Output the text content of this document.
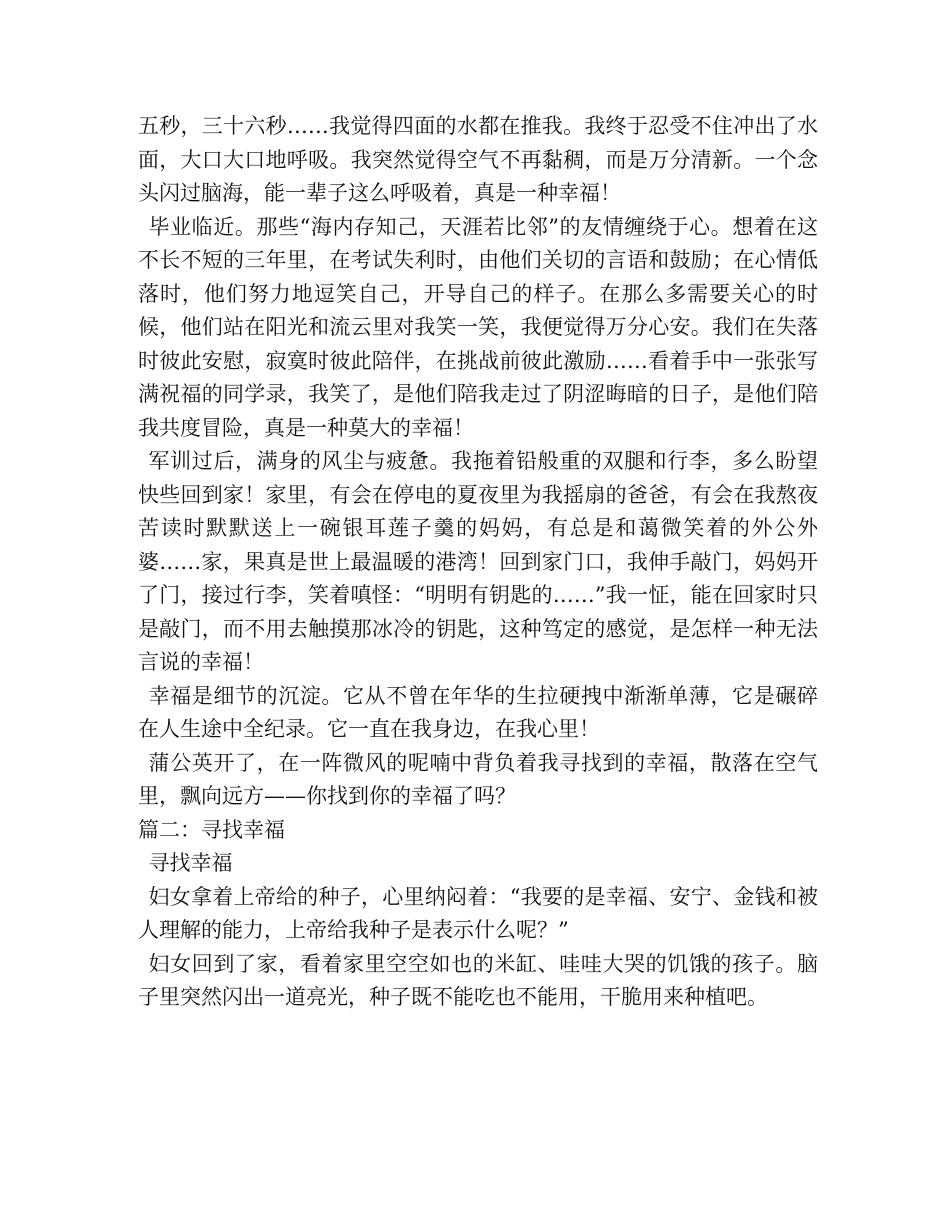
五秒，三十六秒……我觉得四面的水都在推我。我终于忍受不住冲出了水面，大口大口地呼吸。我突然觉得空气不再黏稠，而是万分清新。一个念头闪过脑海，能一辈子这么呼吸着，真是一种幸福！

毕业临近。那些“海内存知己，天涯若比邻”的友情缠绕于心。想着在这不长不短的三年里，在考试失利时，由他们关切的言语和鼓励；在心情低落时，他们努力地逗笑自己，开导自己的样子。在那么多需要关心的时候，他们站在阳光和流云里对我笑一笑，我便觉得万分心安。我们在失落时彼此安慰，寂寞时彼此陪伴，在挑战前彼此激励……看着手中一张张写满祝福的同学录，我笑了，是他们陪我走过了阴涩晦暗的日子，是他们陪我共度冒险，真是一种莫大的幸福！

军训过后，满身的风尘与疲惫。我拖着铅般重的双腿和行李，多么盼望快些回到家！家里，有会在停电的夏夜里为我摇扇的爸爸，有会在我熬夜苦读时默默送上一碗银耳莲子羹的妈妈，有总是和蔼微笑着的外公外婆……家，果真是世上最温暖的港湾！回到家门口，我伸手敲门，妈妈开了门，接过行李，笑着嗔怪：“明明有钥匙的……”我一怔，能在回家时只是敲门，而不用去触摸那冰冷的钥匙，这种笃定的感觉，是怎样一种无法言说的幸福！

幸福是细节的沉淀。它从不曾在年华的生拉硬拽中渐渐单薄，它是碾碎在人生途中全纪录。它一直在我身边，在我心里！

蒲公英开了，在一阵微风的呢喃中背负着我寻找到的幸福，散落在空气里，飘向远方——你找到你的幸福了吗？

篇二：寻找幸福

寻找幸福

妇女拿着上帝给的种子，心里纳闷着：“我要的是幸福、安宁、金钱和被人理解的能力，上帝给我种子是表示什么呢？”

妇女回到了家，看着家里空空如也的米缸、哇哇大哭的饥饿的孩子。脑子里突然闪出一道亮光，种子既不能吃也不能用，干脆用来种植吧。
